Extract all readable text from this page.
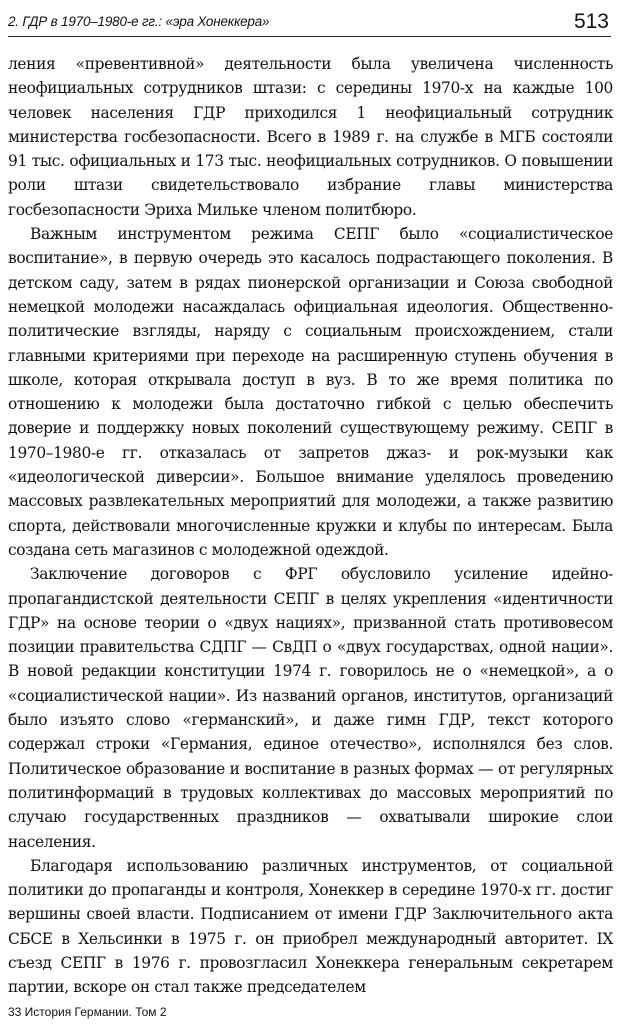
2. ГДР в 1970–1980-е гг.: «эра Хонеккера»	513

ления «превентивной» деятельности была увеличена численность неофициальных сотрудников штази: с середины 1970-х на каждые 100 человек населения ГДР приходился 1 неофициальный сотрудник министерства госбезопасности. Всего в 1989 г. на службе в МГБ состояли 91 тыс. официальных и 173 тыс. неофициальных сотрудников. О повышении роли штази свидетельствовало избрание главы министерства госбезопасности Эриха Мильке членом политбюро.

Важным инструментом режима СЕПГ было «социалистическое воспитание», в первую очередь это касалось подрастающего поколения. В детском саду, затем в рядах пионерской организации и Союза свободной немецкой молодежи насаждалась официальная идеология. Общественно-политические взгляды, наряду с социальным происхождением, стали главными критериями при переходе на расширенную ступень обучения в школе, которая открывала доступ в вуз. В то же время политика по отношению к молодежи была достаточно гибкой с целью обеспечить доверие и поддержку новых поколений существующему режиму. СЕПГ в 1970–1980-е гг. отказалась от запретов джаз- и рок-музыки как «идеологической диверсии». Большое внимание уделялось проведению массовых развлекательных мероприятий для молодежи, а также развитию спорта, действовали многочисленные кружки и клубы по интересам. Была создана сеть магазинов с молодежной одеждой.

Заключение договоров с ФРГ обусловило усиление идейно-пропагандистской деятельности СЕПГ в целях укрепления «идентичности ГДР» на основе теории о «двух нациях», призванной стать противовесом позиции правительства СДПГ — СвДП о «двух государствах, одной нации». В новой редакции конституции 1974 г. говорилось не о «немецкой», а о «социалистической нации». Из названий органов, институтов, организаций было изъято слово «германский», и даже гимн ГДР, текст которого содержал строки «Германия, единое отечество», исполнялся без слов. Политическое образование и воспитание в разных формах — от регулярных политинформаций в трудовых коллективах до массовых мероприятий по случаю государственных праздников — охватывали широкие слои населения.

Благодаря использованию различных инструментов, от социальной политики до пропаганды и контроля, Хонеккер в середине 1970-х гг. достиг вершины своей власти. Подписанием от имени ГДР Заключительного акта СБСЕ в Хельсинки в 1975 г. он приобрел международный авторитет. IX съезд СЕПГ в 1976 г. провозгласил Хонеккера генеральным секретарем партии, вскоре он стал также председателем

33 История Германии. Том 2
